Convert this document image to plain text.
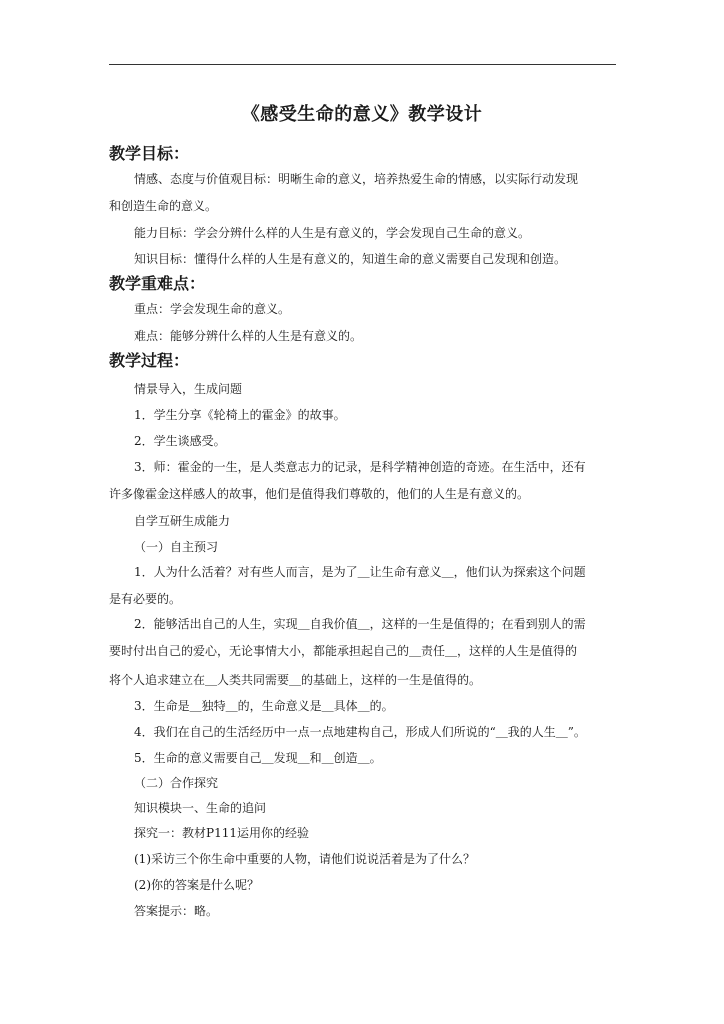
《感受生命的意义》教学设计
教学目标：
情感、态度与价值观目标：明晰生命的意义，培养热爱生命的情感，以实际行动发现
和创造生命的意义。
能力目标：学会分辨什么样的人生是有意义的，学会发现自己生命的意义。
知识目标：懂得什么样的人生是有意义的，知道生命的意义需要自己发现和创造。
教学重难点：
重点：学会发现生命的意义。
难点：能够分辨什么样的人生是有意义的。
教学过程：
情景导入，生成问题
1．学生分享《轮椅上的霍金》的故事。
2．学生谈感受。
3．师：霍金的一生，是人类意志力的记录，是科学精神创造的奇迹。在生活中，还有
许多像霍金这样感人的故事，他们是值得我们尊敬的，他们的人生是有意义的。
自学互研生成能力
（一）自主预习
1．人为什么活着？对有些人而言，是为了＿让生命有意义＿，他们认为探索这个问题
是有必要的。
2．能够活出自己的人生，实现＿自我价值＿，这样的一生是值得的；在看到别人的需
要时付出自己的爱心，无论事情大小，都能承担起自己的＿责任＿，这样的人生是值得的
将个人追求建立在＿人类共同需要＿的基础上，这样的一生是值得的。
3．生命是＿独特＿的，生命意义是＿具体＿的。
4．我们在自己的生活经历中一点一点地建构自己，形成人们所说的“＿我的人生＿”。
5．生命的意义需要自己＿发现＿和＿创造＿。
（二）合作探究
知识模块一、生命的追问
探究一：教材P111运用你的经验
(1)采访三个你生命中重要的人物，请他们说说活着是为了什么？
(2)你的答案是什么呢？
答案提示：略。
